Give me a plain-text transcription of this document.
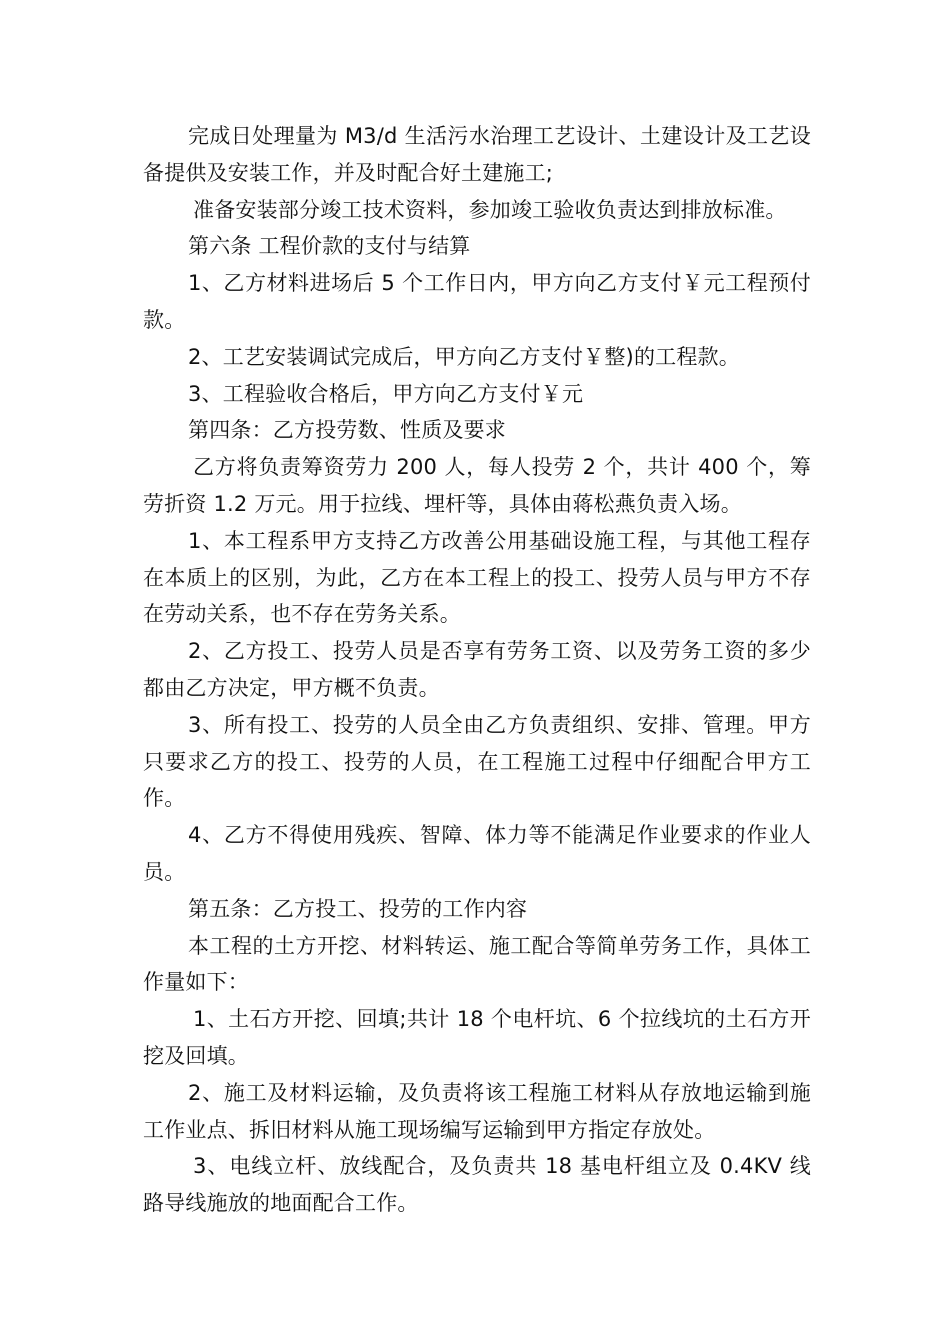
完成日处理量为 M3/d 生活污水治理工艺设计、土建设计及工艺设备提供及安装工作，并及时配合好土建施工;

准备安装部分竣工技术资料，参加竣工验收负责达到排放标准。

第六条 工程价款的支付与结算

1、乙方材料进场后 5 个工作日内，甲方向乙方支付￥元工程预付款。

2、工艺安装调试完成后，甲方向乙方支付￥整)的工程款。

3、工程验收合格后，甲方向乙方支付￥元

第四条：乙方投劳数、性质及要求

乙方将负责筹资劳力 200 人，每人投劳 2 个，共计 400 个，筹劳折资 1.2 万元。用于拉线、埋杆等，具体由蒋松燕负责入场。

1、本工程系甲方支持乙方改善公用基础设施工程，与其他工程存在本质上的区别，为此，乙方在本工程上的投工、投劳人员与甲方不存在劳动关系，也不存在劳务关系。

2、乙方投工、投劳人员是否享有劳务工资、以及劳务工资的多少都由乙方决定，甲方概不负责。

3、所有投工、投劳的人员全由乙方负责组织、安排、管理。甲方只要求乙方的投工、投劳的人员，在工程施工过程中仔细配合甲方工作。

4、乙方不得使用残疾、智障、体力等不能满足作业要求的作业人员。

第五条：乙方投工、投劳的工作内容

本工程的土方开挖、材料转运、施工配合等简单劳务工作，具体工作量如下：

1、土石方开挖、回填;共计 18 个电杆坑、6 个拉线坑的土石方开挖及回填。

2、施工及材料运输，及负责将该工程施工材料从存放地运输到施工作业点、拆旧材料从施工现场编写运输到甲方指定存放处。

3、电线立杆、放线配合，及负责共 18 基电杆组立及 0.4KV 线路导线施放的地面配合工作。
